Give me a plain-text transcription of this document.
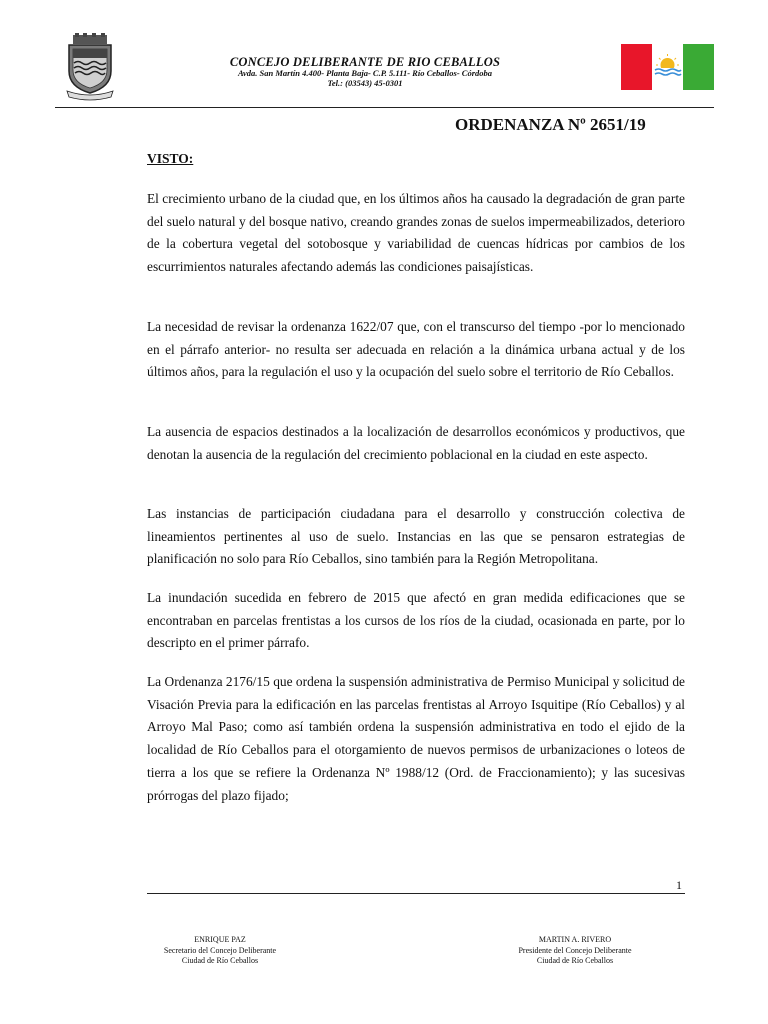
CONCEJO DELIBERANTE DE RIO CEBALLOS
Avda. San Martín 4.400- Planta Baja- C.P. 5.111- Río Ceballos- Córdoba
Tel.: (03543) 45-0301
ORDENANZA Nº 2651/19
VISTO:
El crecimiento urbano de la ciudad que, en los últimos años ha causado la degradación de gran parte del suelo natural y del bosque nativo, creando grandes zonas de suelos impermeabilizados, deterioro de la cobertura vegetal del sotobosque y variabilidad de cuencas hídricas por cambios de los escurrimientos naturales afectando además las condiciones paisajísticas.
La necesidad de revisar la ordenanza 1622/07 que, con el transcurso del tiempo -por lo mencionado en el párrafo anterior- no resulta ser adecuada en relación a la dinámica urbana actual y de los últimos años, para la regulación el uso y la ocupación del suelo sobre el territorio de Río Ceballos.
La ausencia de espacios destinados a la localización de desarrollos económicos y productivos, que denotan la ausencia de la regulación del crecimiento poblacional en la ciudad en este aspecto.
Las instancias de participación ciudadana para el desarrollo y construcción colectiva de lineamientos pertinentes al uso de suelo. Instancias en las que se pensaron estrategias de planificación no solo para Río Ceballos, sino también para la Región Metropolitana.
La inundación sucedida en febrero de 2015 que afectó en gran medida edificaciones que se encontraban en parcelas frentistas a los cursos de los ríos de la ciudad, ocasionada en parte, por lo descripto en el primer párrafo.
La Ordenanza 2176/15 que ordena la suspensión administrativa de Permiso Municipal y solicitud de Visación Previa para la edificación en las parcelas frentistas al Arroyo Isquitipe (Río Ceballos) y al Arroyo Mal Paso; como así también ordena la suspensión administrativa en todo el ejido de la localidad de Río Ceballos para el otorgamiento de nuevos permisos de urbanizaciones o loteos de tierra a los que se refiere la Ordenanza Nº 1988/12 (Ord. de Fraccionamiento); y las sucesivas prórrogas del plazo fijado;
1
ENRIQUE PAZ
Secretario del Concejo Deliberante
Ciudad de Río Ceballos
MARTIN A. RIVERO
Presidente del Concejo Deliberante
Ciudad de Río Ceballos
